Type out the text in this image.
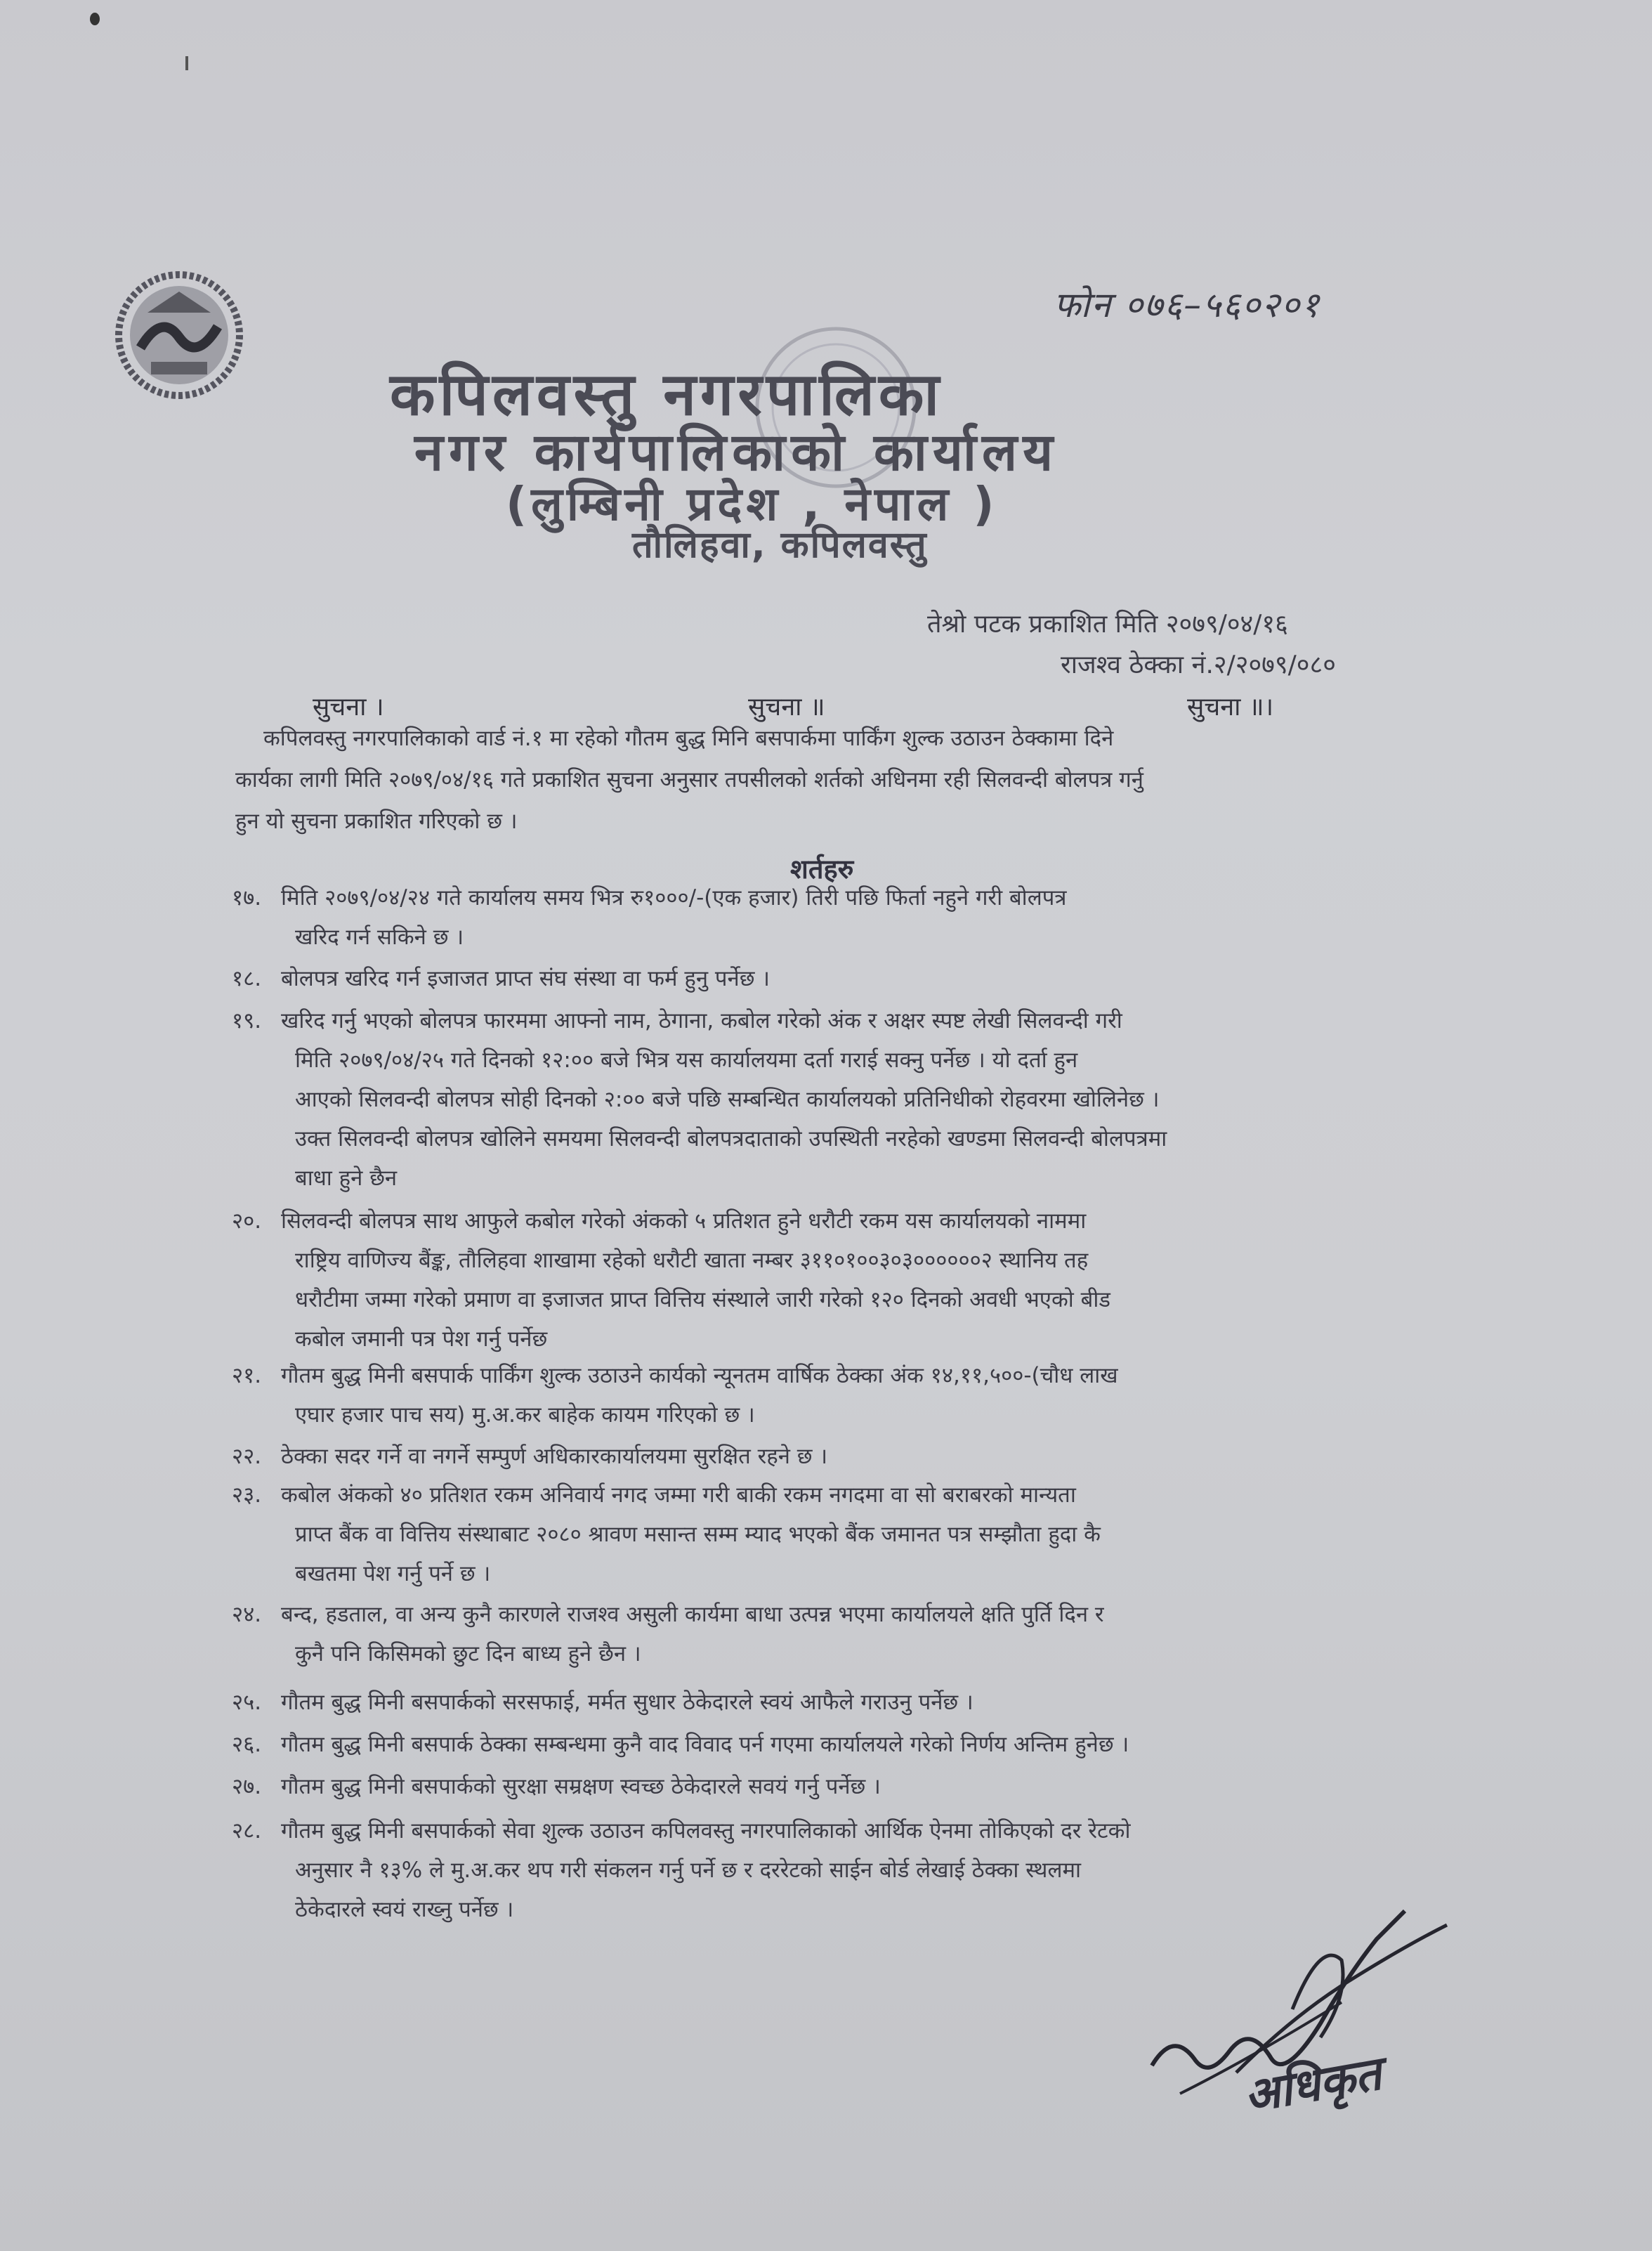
फोन ०७६–५६०२०१
कपिलवस्तु नगरपालिका
नगर कार्यपालिकाको कार्यालय
(लुम्बिनी प्रदेश , नेपाल )
तौलिहवा, कपिलवस्तु
तेश्रो पटक प्रकाशित मिति २०७९/०४/१६
राजश्व ठेक्का नं.२/२०७९/०८०
सुचना ।	सुचना ॥	सुचना ॥।
कपिलवस्तु नगरपालिकाको वार्ड नं.१ मा रहेको गौतम बुद्ध मिनि बसपार्कमा पार्किंग शुल्क उठाउन ठेक्कामा दिने
कार्यका लागी मिति २०७९/०४/१६ गते प्रकाशित सुचना अनुसार तपसीलको शर्तको अधिनमा रही सिलवन्दी बोलपत्र गर्नु
हुन यो सुचना प्रकाशित गरिएको छ ।
शर्तहरु
१७. मिति २०७९/०४/२४ गते कार्यालय समय भित्र रु१०००/-(एक हजार) तिरी पछि फिर्ता नहुने गरी बोलपत्र
खरिद गर्न सकिने छ ।
१८. बोलपत्र खरिद गर्न इजाजत प्राप्त संघ संस्था वा फर्म हुनु पर्नेछ ।
१९. खरिद गर्नु भएको बोलपत्र फारममा आफ्नो नाम, ठेगाना, कबोल गरेको अंक र अक्षर स्पष्ट लेखी सिलवन्दी गरी
मिति २०७९/०४/२५ गते दिनको १२:०० बजे भित्र यस कार्यालयमा दर्ता गराई सक्नु पर्नेछ । यो दर्ता हुन
आएको सिलवन्दी बोलपत्र सोही दिनको २:०० बजे पछि सम्बन्धित कार्यालयको प्रतिनिधीको रोहवरमा खोलिनेछ ।
उक्त सिलवन्दी बोलपत्र खोलिने समयमा सिलवन्दी बोलपत्रदाताको उपस्थिती नरहेको खण्डमा सिलवन्दी बोलपत्रमा
बाधा हुने छैन
२०. सिलवन्दी बोलपत्र साथ आफुले कबोल गरेको अंकको ५ प्रतिशत हुने धरौटी रकम यस कार्यालयको नाममा
राष्ट्रिय वाणिज्य बैंङ्क, तौलिहवा शाखामा रहेको धरौटी खाता नम्बर ३११०१००३०३००००००२ स्थानिय तह
धरौटीमा जम्मा गरेको प्रमाण वा इजाजत प्राप्त वित्तिय संस्थाले जारी गरेको १२० दिनको अवधी भएको बीड
कबोल जमानी पत्र पेश गर्नु पर्नेछ
२१. गौतम बुद्ध मिनी बसपार्क पार्किंग शुल्क उठाउने कार्यको न्यूनतम वार्षिक ठेक्का अंक १४,११,५००-(चौध लाख
एघार हजार पाच सय) मु.अ.कर बाहेक कायम गरिएको छ ।
२२. ठेक्का सदर गर्ने वा नगर्ने सम्पुर्ण अधिकारकार्यालयमा सुरक्षित रहने छ ।
२३. कबोल अंकको ४० प्रतिशत रकम अनिवार्य नगद जम्मा गरी बाकी रकम नगदमा वा सो बराबरको मान्यता
प्राप्त बैंक वा वित्तिय संस्थाबाट २०८० श्रावण मसान्त सम्म म्याद भएको बैंक जमानत पत्र सम्झौता हुदा कै
बखतमा पेश गर्नु पर्ने छ ।
२४. बन्द, हडताल, वा अन्य कुनै कारणले राजश्व असुली कार्यमा बाधा उत्पन्न भएमा कार्यालयले क्षति पुर्ति दिन र
कुनै पनि किसिमको छुट दिन बाध्य हुने छैन ।
२५. गौतम बुद्ध मिनी बसपार्कको सरसफाई, मर्मत सुधार ठेकेदारले स्वयं आफैले गराउनु पर्नेछ ।
२६. गौतम बुद्ध मिनी बसपार्क ठेक्का सम्बन्धमा कुनै वाद विवाद पर्न गएमा कार्यालयले गरेको निर्णय अन्तिम हुनेछ ।
२७. गौतम बुद्ध मिनी बसपार्कको सुरक्षा सम्रक्षण स्वच्छ ठेकेदारले सवयं गर्नु पर्नेछ ।
२८. गौतम बुद्ध मिनी बसपार्कको सेवा शुल्क उठाउन कपिलवस्तु नगरपालिकाको आर्थिक ऐनमा तोकिएको दर रेटको
अनुसार नै १३% ले मु.अ.कर थप गरी संकलन गर्नु पर्ने छ र दररेटको साईन बोर्ड लेखाई ठेक्का स्थलमा
ठेकेदारले स्वयं राख्नु पर्नेछ ।
अधिकृत
